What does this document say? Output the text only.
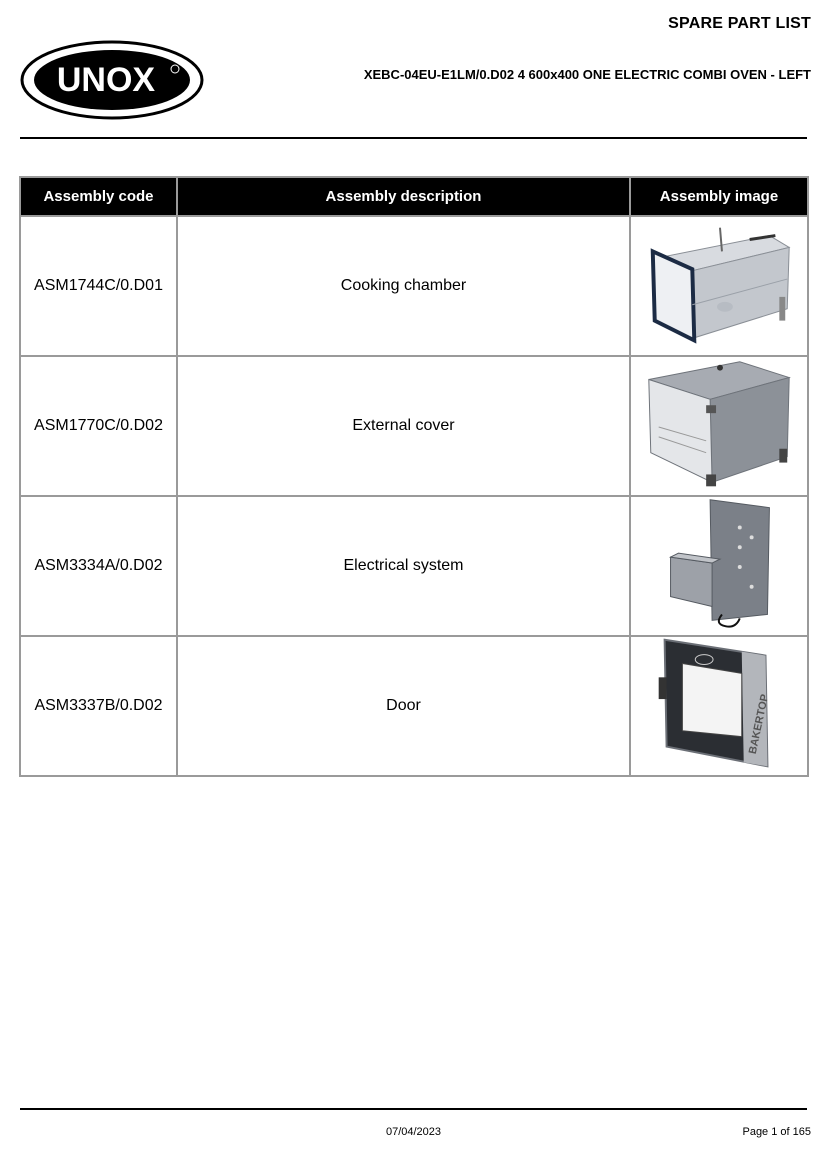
SPARE PART LIST
XEBC-04EU-E1LM/0.D02 4 600x400 ONE ELECTRIC COMBI OVEN - LEFT
UNOX
Assembly code	Assembly description	Assembly image
ASM1744C/0.D01	Cooking chamber	

ASM1770C/0.D02	External cover	

ASM3334A/0.D02	Electrical system	

ASM3337B/0.D02	Door	BAKERTOP
07/04/2023	Page 1 of 165
